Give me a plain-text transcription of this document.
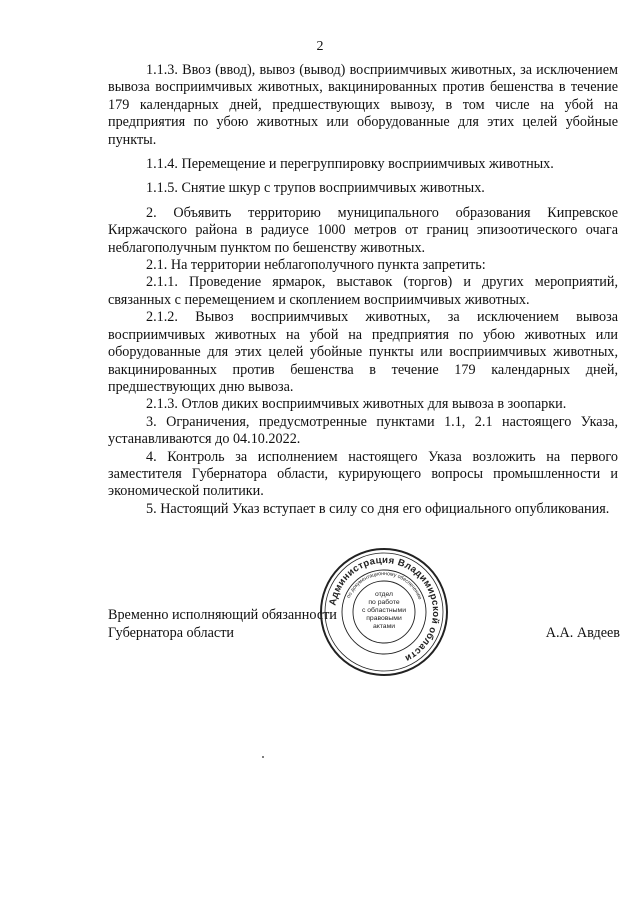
2

1.1.3. Ввоз (ввод), вывоз (вывод) восприимчивых животных, за исключением вывоза восприимчивых животных, вакцинированных против бешенства в течение 179 календарных дней, предшествующих вывозу, в том числе на убой на предприятия по убою животных или оборудованные для этих целей убойные пункты.

1.1.4. Перемещение и перегруппировку восприимчивых животных.

1.1.5. Снятие шкур с трупов восприимчивых животных.

2. Объявить территорию муниципального образования Кипревское Киржачского района в радиусе 1000 метров от границ эпизоотического очага неблагополучным пунктом по бешенству животных.

2.1. На территории неблагополучного пункта запретить:

2.1.1. Проведение ярмарок, выставок (торгов) и других мероприятий, связанных с перемещением и скоплением восприимчивых животных.

2.1.2. Вывоз восприимчивых животных, за исключением вывоза восприимчивых животных на убой на предприятия по убою животных или оборудованные для этих целей убойные пункты или восприимчивых животных, вакцинированных против бешенства в течение 179 календарных дней, предшествующих дню вывоза.

2.1.3. Отлов диких восприимчивых животных для вывоза в зоопарки.

3. Ограничения, предусмотренные пунктами 1.1, 2.1 настоящего Указа, устанавливаются до 04.10.2022.

4. Контроль за исполнением настоящего Указа возложить на первого заместителя Губернатора области, курирующего вопросы промышленности и экономической политики.

5. Настоящий Указ вступает в силу со дня его официального опубликования.

Временно исполняющий обязанности
Губернатора области	А.А. Авдеев
Администрация Владимирской области
по документационному обеспечению
отдел
по работе
с областными
правовыми
актами
